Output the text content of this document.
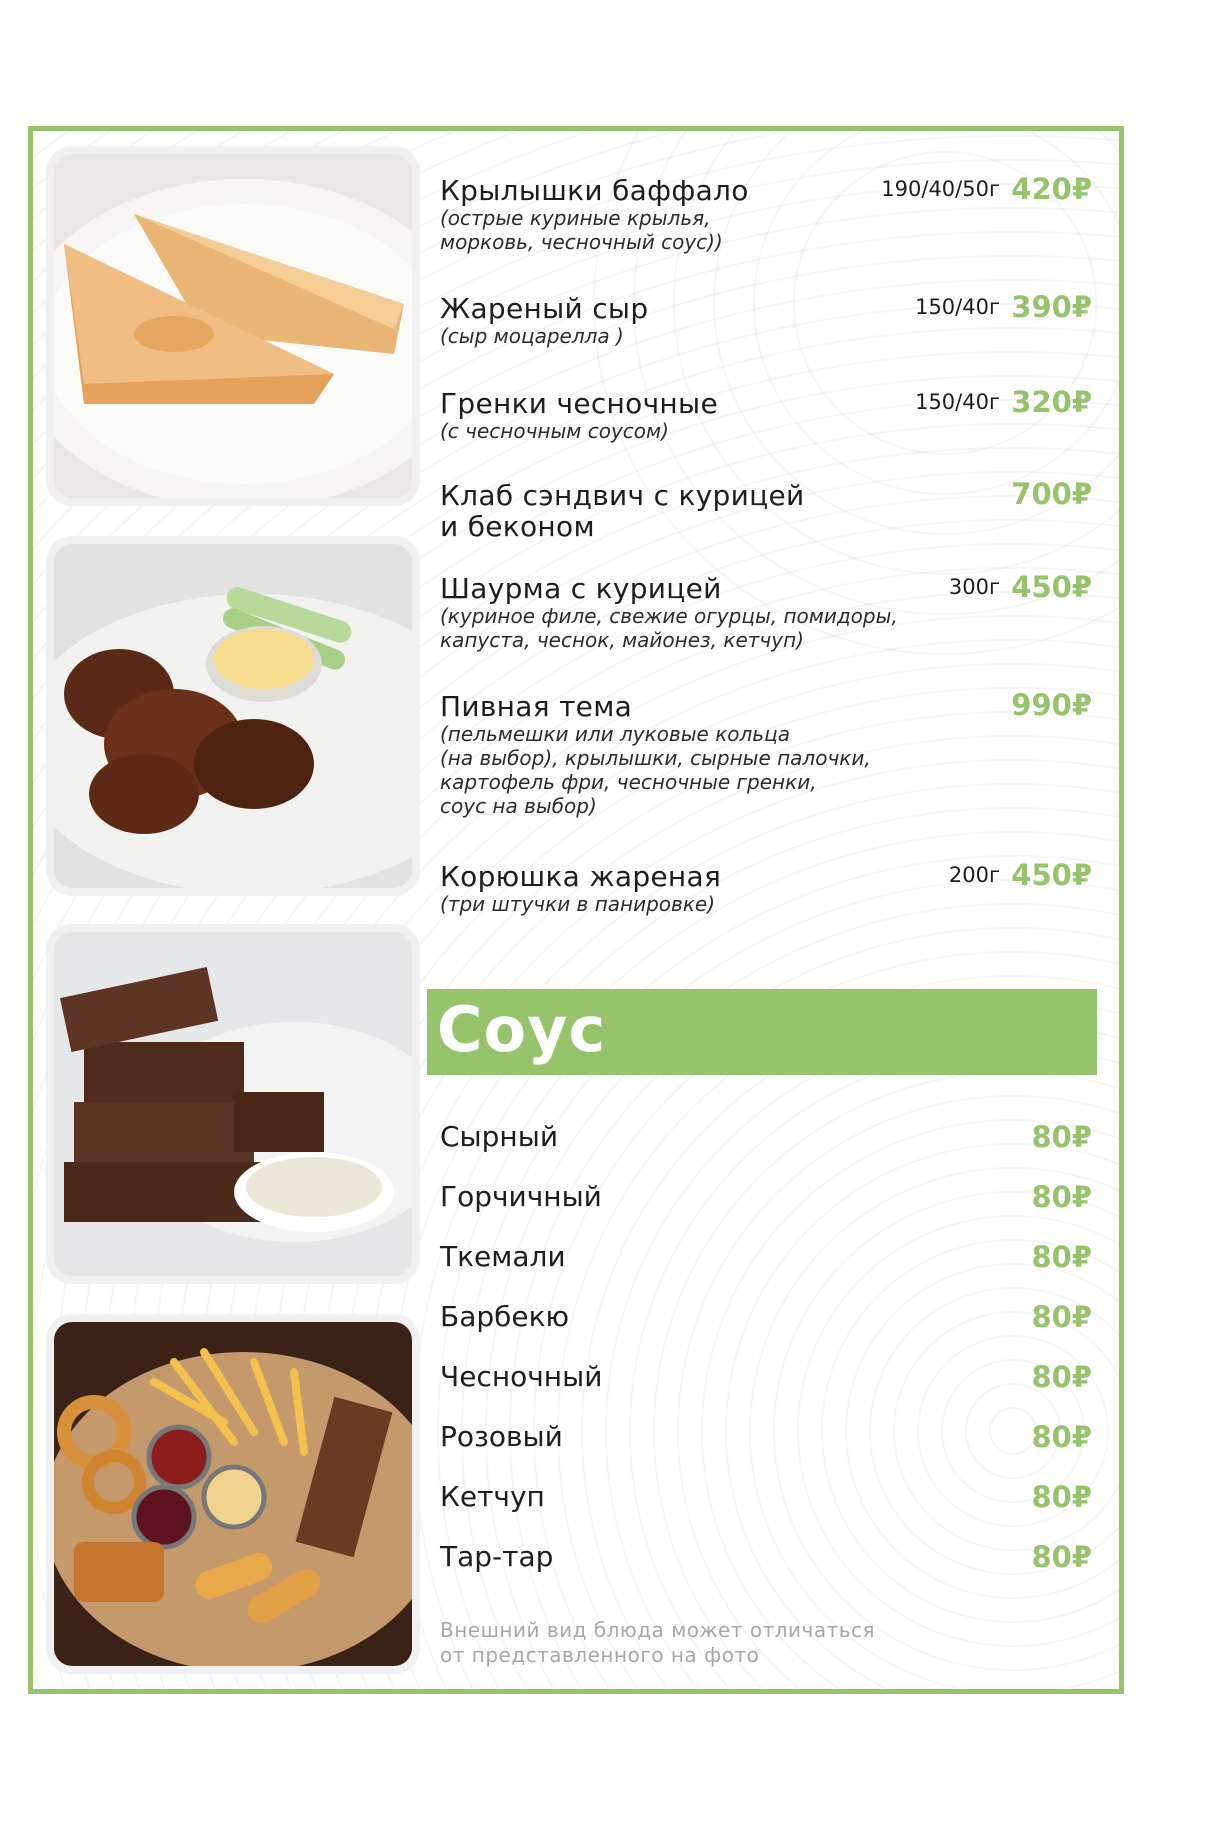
Крылышки баффало
(острые куриные крылья,
морковь, чесночный соус))
190/40/50г 420₽
Жареный сыр
(сыр моцарелла )
150/40г 390₽
Гренки чесночные
(с чесночным соусом)
150/40г 320₽
Клаб сэндвич с курицей
и беконом
700₽
Шаурма с курицей
(куриное филе, свежие огурцы, помидоры,
капуста, чеснок, майонез, кетчуп)
300г 450₽
Пивная тема
(пельмешки или луковые кольца
(на выбор), крылышки, сырные палочки,
картофель фри, чесночные гренки,
соус на выбор)
990₽
Корюшка жареная
(три штучки в панировке)
200г 450₽
Соус
Сырный	80₽
Горчичный	80₽
Ткемали	80₽
Барбекю	80₽
Чесночный	80₽
Розовый	80₽
Кетчуп	80₽
Тар-тар	80₽
Внешний вид блюда может отличаться
от представленного на фото
